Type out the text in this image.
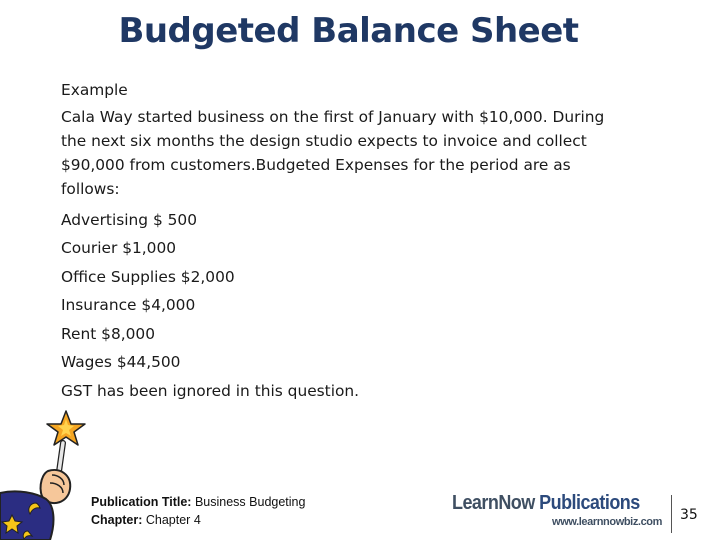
Budgeted Balance Sheet
Example
Cala Way started business on the first of January with $10,000. During
the next six months the design studio expects to invoice and collect
$90,000 from customers.Budgeted Expenses for the period are as
follows:
Advertising $ 500
Courier $1,000
Office Supplies $2,000
Insurance $4,000
Rent $8,000
Wages $44,500
GST has been ignored in this question.
Publication Title: Business Budgeting
Chapter: Chapter 4
LearnNow Publications
www.learnnowbiz.com 35
